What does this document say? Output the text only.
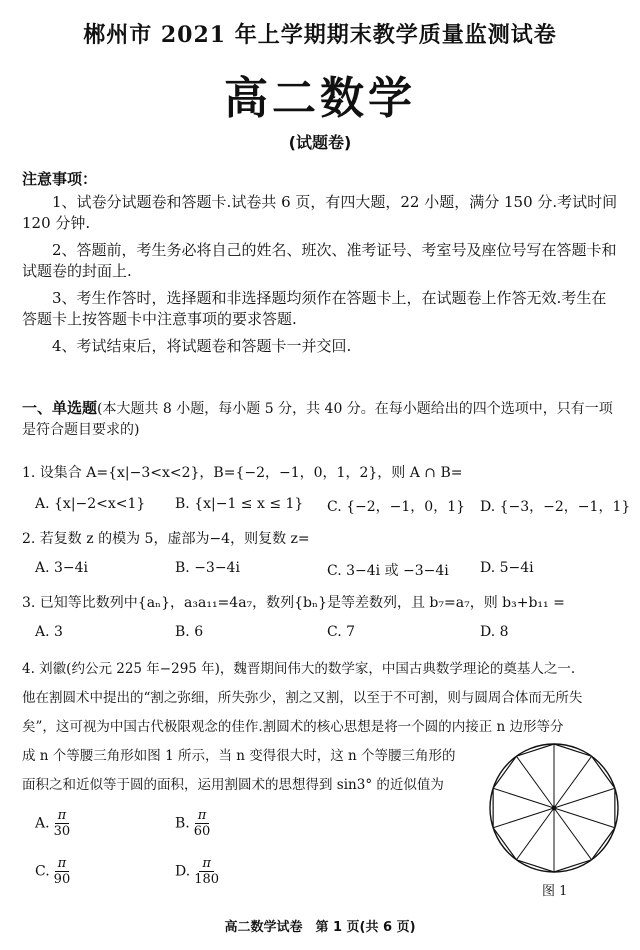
郴州市 2021 年上学期期末教学质量监测试卷
高二数学
(试题卷)
注意事项：
1、试卷分试题卷和答题卡.试卷共 6 页，有四大题，22 小题，满分 150 分.考试时间 120 分钟.
2、答题前，考生务必将自己的姓名、班次、准考证号、考室号及座位号写在答题卡和试题卷的封面上.
3、考生作答时，选择题和非选择题均须作在答题卡上，在试题卷上作答无效.考生在答题卡上按答题卡中注意事项的要求答题.
4、考试结束后，将试题卷和答题卡一并交回.
一、单选题(本大题共 8 小题，每小题 5 分，共 40 分。在每小题给出的四个选项中，只有一项是符合题目要求的)
1. 设集合 A={x|−3<x<2}，B={−2，−1，0，1，2}，则 A ∩ B=
A. {x|−2<x<1} B. {x|−1 ≤ x ≤ 1} C. {−2，−1，0，1} D. {−3，−2，−1，1}
2. 若复数 z 的模为 5，虚部为−4，则复数 z=
A. 3−4i	B. −3−4i	C. 3−4i 或 −3−4i D. 5−4i
3. 已知等比数列中{aₙ}，a₃a₁₁=4a₇，数列{bₙ}是等差数列，且 b₇=a₇，则 b₃+b₁₁ =
A. 3	B. 6	C. 7	D. 8
4. 刘徽(约公元 225 年−295 年)，魏晋期间伟大的数学家，中国古典数学理论的奠基人之一.
他在割圆术中提出的“割之弥细，所失弥少，割之又割，以至于不可割，则与圆周合体而无所失
矣”，这可视为中国古代极限观念的佳作.割圆术的核心思想是将一个圆的内接正 n 边形等分
成 n 个等腰三角形如图 1 所示，当 n 变得很大时，这 n 个等腰三角形的
面积之和近似等于圆的面积，运用割圆术的思想得到 sin3° 的近似值为
A. $\frac{\pi}{30}$	B. $\frac{\pi}{60}$
C. $\frac{\pi}{90}$	D. $\frac{\pi}{180}$
图 1
高二数学试卷　第 1 页(共 6 页)
